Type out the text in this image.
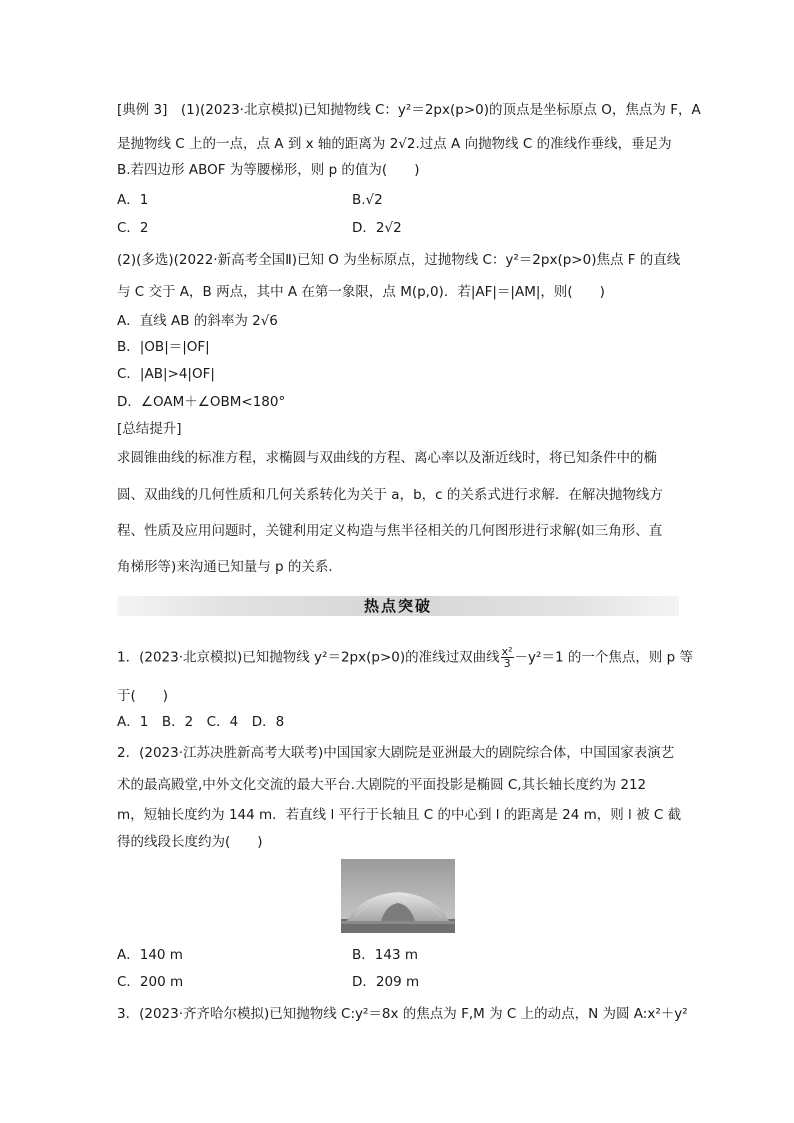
[典例 3]　(1)(2023·北京模拟)已知抛物线 C：y²＝2px(p>0)的顶点是坐标原点 O，焦点为 F，A
是抛物线 C 上的一点，点 A 到 x 轴的距离为 2√2.过点 A 向抛物线 C 的准线作垂线，垂足为
B.若四边形 ABOF 为等腰梯形，则 p 的值为(　　)
A．1	B.√2
C．2	D．2√2
(2)(多选)(2022·新高考全国Ⅱ)已知 O 为坐标原点，过抛物线 C：y²＝2px(p>0)焦点 F 的直线
与 C 交于 A，B 两点，其中 A 在第一象限，点 M(p,0)．若|AF|＝|AM|，则(　　)
A．直线 AB 的斜率为 2√6
B．|OB|＝|OF|
C．|AB|>4|OF|
D．∠OAM＋∠OBM<180°
[总结提升]
求圆锥曲线的标准方程，求椭圆与双曲线的方程、离心率以及渐近线时，将已知条件中的椭
圆、双曲线的几何性质和几何关系转化为关于 a，b，c 的关系式进行求解．在解决抛物线方
程、性质及应用问题时，关键利用定义构造与焦半径相关的几何图形进行求解(如三角形、直
角梯形等)来沟通已知量与 p 的关系．
热点突破
1．(2023·北京模拟)已知抛物线 y²＝2px(p>0)的准线过双曲线 $\frac{\text{x²}}{3} -y^2=1$ 的一个焦点，则 p 等
于(　　)
A．1　B．2　C．4　D．8
2．(2023·江苏决胜新高考大联考)中国国家大剧院是亚洲最大的剧院综合体，中国国家表演艺
术的最高殿堂,中外文化交流的最大平台.大剧院的平面投影是椭圆 C,其长轴长度约为 212
m，短轴长度约为 144 m．若直线 l 平行于长轴且 C 的中心到 l 的距离是 24 m，则 l 被 C 截
得的线段长度约为(　　)
A．140 m	B．143 m
C．200 m	D．209 m
3．(2023·齐齐哈尔模拟)已知抛物线 C:y²＝8x 的焦点为 F,M 为 C 上的动点，N 为圆 A:x²＋y²
